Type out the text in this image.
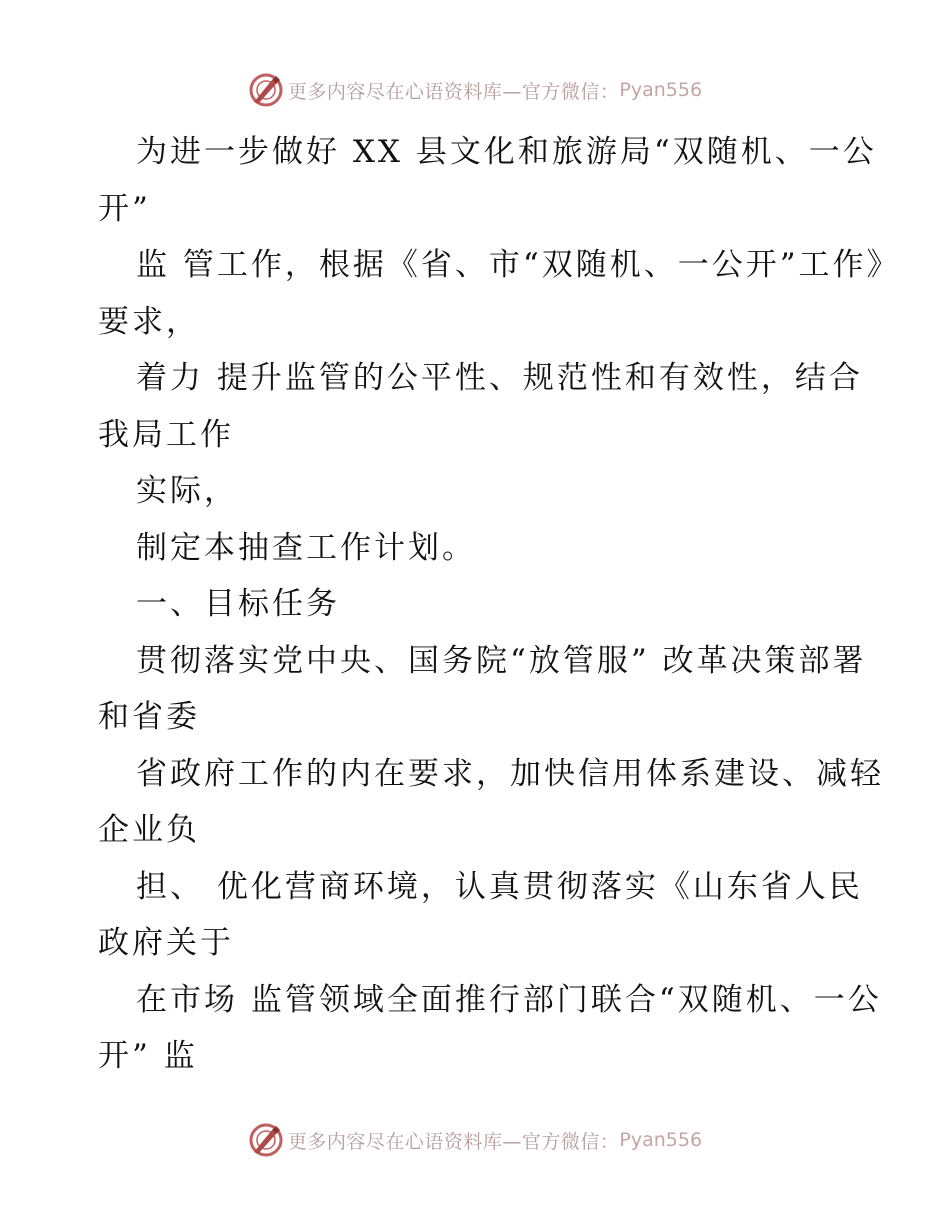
更多内容尽在心语资料库—官方微信： Pyan556

为进一步做好 XX 县文化和旅游局“双随机、一公开”

监 管工作，根据《省、市“双随机、一公开”工作》要求，

着力 提升监管的公平性、规范性和有效性，结合我局工作

实际，

制定本抽查工作计划。

一、目标任务

贯彻落实党中央、国务院“放管服” 改革决策部署和省委

省政府工作的内在要求，加快信用体系建设、减轻企业负

担、 优化营商环境，认真贯彻落实《山东省人民政府关于

在市场 监管领域全面推行部门联合“双随机、一公开” 监

更多内容尽在心语资料库—官方微信： Pyan556
